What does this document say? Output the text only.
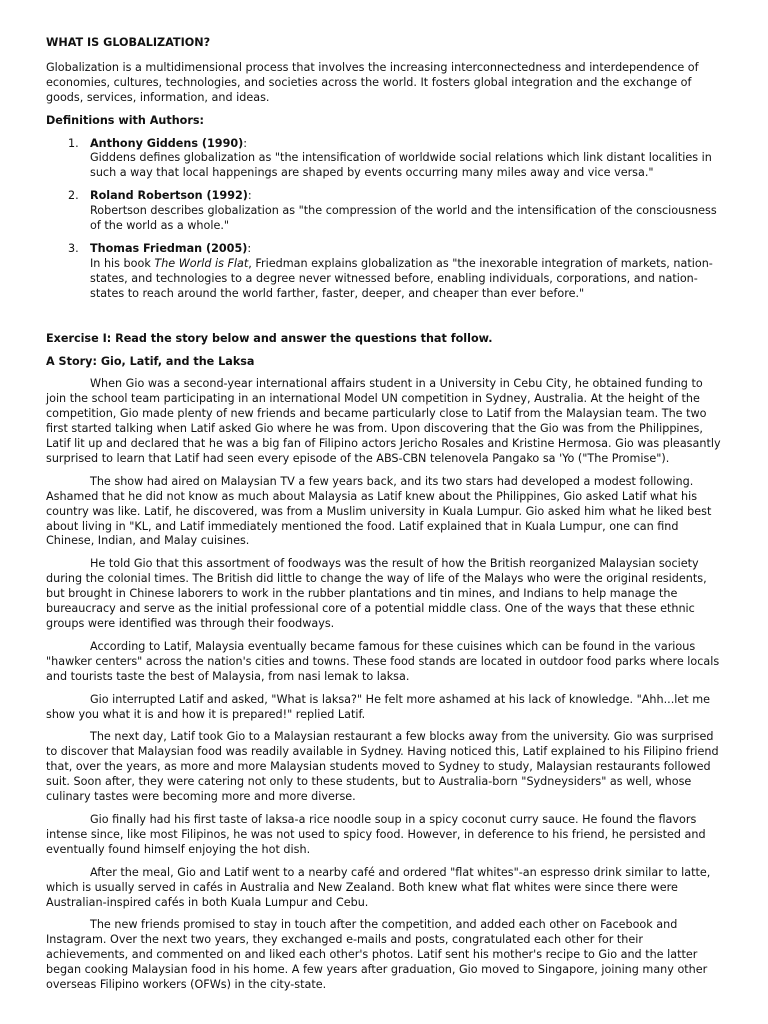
WHAT IS GLOBALIZATION?

Globalization is a multidimensional process that involves the increasing interconnectedness and interdependence of economies, cultures, technologies, and societies across the world. It fosters global integration and the exchange of goods, services, information, and ideas.

Definitions with Authors:

1. Anthony Giddens (1990):
Giddens defines globalization as "the intensification of worldwide social relations which link distant localities in such a way that local happenings are shaped by events occurring many miles away and vice versa."
2. Roland Robertson (1992):
Robertson describes globalization as "the compression of the world and the intensification of the consciousness of the world as a whole."
3. Thomas Friedman (2005):
In his book The World is Flat, Friedman explains globalization as "the inexorable integration of markets, nation-states, and technologies to a degree never witnessed before, enabling individuals, corporations, and nation-states to reach around the world farther, faster, deeper, and cheaper than ever before."

Exercise I: Read the story below and answer the questions that follow.

A Story: Gio, Latif, and the Laksa

When Gio was a second-year international affairs student in a University in Cebu City, he obtained funding to join the school team participating in an international Model UN competition in Sydney, Australia. At the height of the competition, Gio made plenty of new friends and became particularly close to Latif from the Malaysian team. The two first started talking when Latif asked Gio where he was from. Upon discovering that the Gio was from the Philippines, Latif lit up and declared that he was a big fan of Filipino actors Jericho Rosales and Kristine Hermosa. Gio was pleasantly surprised to learn that Latif had seen every episode of the ABS-CBN telenovela Pangako sa 'Yo ("The Promise").

The show had aired on Malaysian TV a few years back, and its two stars had developed a modest following. Ashamed that he did not know as much about Malaysia as Latif knew about the Philippines, Gio asked Latif what his country was like. Latif, he discovered, was from a Muslim university in Kuala Lumpur. Gio asked him what he liked best about living in "KL, and Latif immediately mentioned the food. Latif explained that in Kuala Lumpur, one can find Chinese, Indian, and Malay cuisines.

He told Gio that this assortment of foodways was the result of how the British reorganized Malaysian society during the colonial times. The British did little to change the way of life of the Malays who were the original residents, but brought in Chinese laborers to work in the rubber plantations and tin mines, and Indians to help manage the bureaucracy and serve as the initial professional core of a potential middle class. One of the ways that these ethnic groups were identified was through their foodways.

According to Latif, Malaysia eventually became famous for these cuisines which can be found in the various "hawker centers" across the nation's cities and towns. These food stands are located in outdoor food parks where locals and tourists taste the best of Malaysia, from nasi lemak to laksa.

Gio interrupted Latif and asked, "What is laksa?" He felt more ashamed at his lack of knowledge. "Ahh...let me show you what it is and how it is prepared!" replied Latif.

The next day, Latif took Gio to a Malaysian restaurant a few blocks away from the university. Gio was surprised to discover that Malaysian food was readily available in Sydney. Having noticed this, Latif explained to his Filipino friend that, over the years, as more and more Malaysian students moved to Sydney to study, Malaysian restaurants followed suit. Soon after, they were catering not only to these students, but to Australia-born "Sydneysiders" as well, whose culinary tastes were becoming more and more diverse.

Gio finally had his first taste of laksa-a rice noodle soup in a spicy coconut curry sauce. He found the flavors intense since, like most Filipinos, he was not used to spicy food. However, in deference to his friend, he persisted and eventually found himself enjoying the hot dish.

After the meal, Gio and Latif went to a nearby café and ordered "flat whites"-an espresso drink similar to latte, which is usually served in cafés in Australia and New Zealand. Both knew what flat whites were since there were Australian-inspired cafés in both Kuala Lumpur and Cebu.

The new friends promised to stay in touch after the competition, and added each other on Facebook and Instagram. Over the next two years, they exchanged e-mails and posts, congratulated each other for their achievements, and commented on and liked each other's photos. Latif sent his mother's recipe to Gio and the latter began cooking Malaysian food in his home. A few years after graduation, Gio moved to Singapore, joining many other overseas Filipino workers (OFWs) in the city-state.
